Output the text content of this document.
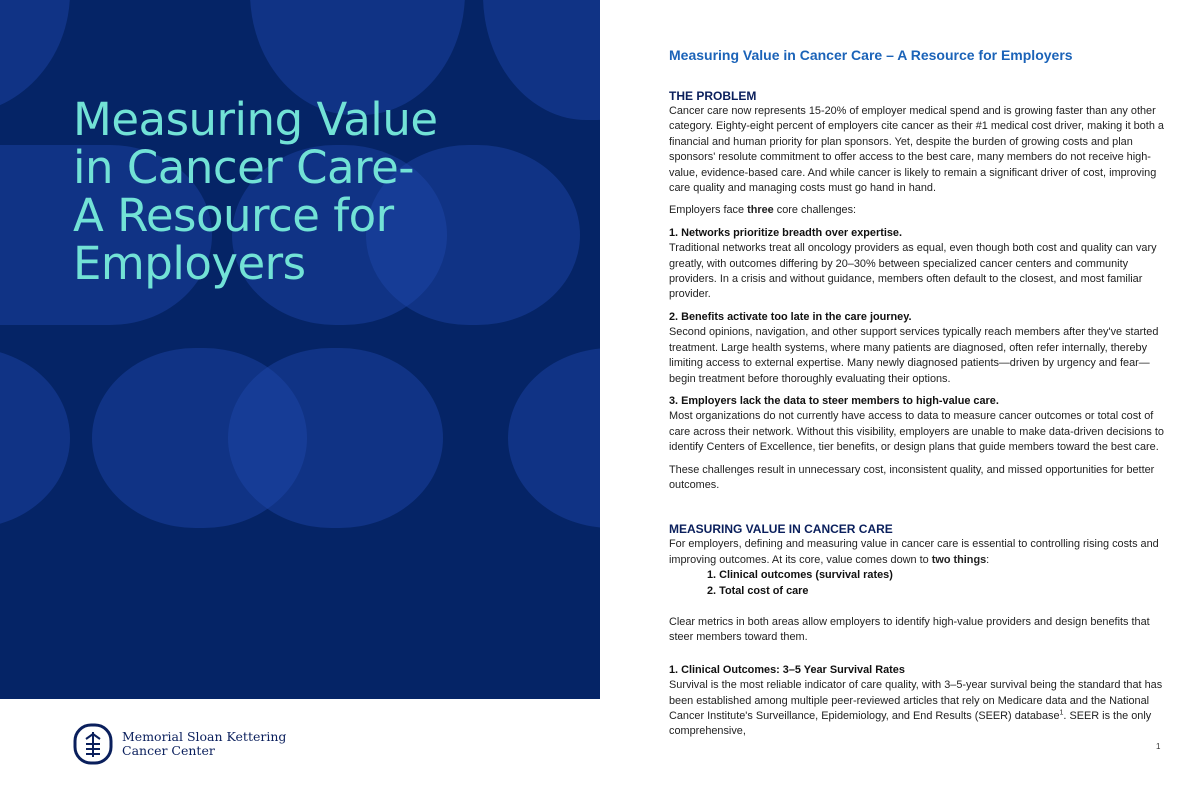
Measuring Value
in Cancer Care-
A Resource for
Employers
Memorial Sloan Kettering
Cancer Center

Measuring Value in Cancer Care – A Resource for Employers

THE PROBLEM

Cancer care now represents 15-20% of employer medical spend and is growing faster than any other category. Eighty-eight percent of employers cite cancer as their #1 medical cost driver, making it both a financial and human priority for plan sponsors. Yet, despite the burden of growing costs and plan sponsors' resolute commitment to offer access to the best care, many members do not receive high-value, evidence-based care. And while cancer is likely to remain a significant driver of cost, improving care quality and managing costs must go hand in hand.

Employers face three core challenges:

1. Networks prioritize breadth over expertise.

Traditional networks treat all oncology providers as equal, even though both cost and quality can vary greatly, with outcomes differing by 20–30% between specialized cancer centers and community providers. In a crisis and without guidance, members often default to the closest, and most familiar provider.

2. Benefits activate too late in the care journey.

Second opinions, navigation, and other support services typically reach members after they've started treatment. Large health systems, where many patients are diagnosed, often refer internally, thereby limiting access to external expertise. Many newly diagnosed patients—driven by urgency and fear—begin treatment before thoroughly evaluating their options.

3. Employers lack the data to steer members to high-value care.

Most organizations do not currently have access to data to measure cancer outcomes or total cost of care across their network. Without this visibility, employers are unable to make data-driven decisions to identify Centers of Excellence, tier benefits, or design plans that guide members toward the best care.

These challenges result in unnecessary cost, inconsistent quality, and missed opportunities for better outcomes.

MEASURING VALUE IN CANCER CARE

For employers, defining and measuring value in cancer care is essential to controlling rising costs and improving outcomes. At its core, value comes down to two things:

1. Clinical outcomes (survival rates)

2. Total cost of care

Clear metrics in both areas allow employers to identify high-value providers and design benefits that steer members toward them.

1. Clinical Outcomes: 3–5 Year Survival Rates

Survival is the most reliable indicator of care quality, with 3–5-year survival being the standard that has been established among multiple peer-reviewed articles that rely on Medicare data and the National Cancer Institute's Surveillance, Epidemiology, and End Results (SEER) database$^1$. SEER is the only comprehensive,

1
